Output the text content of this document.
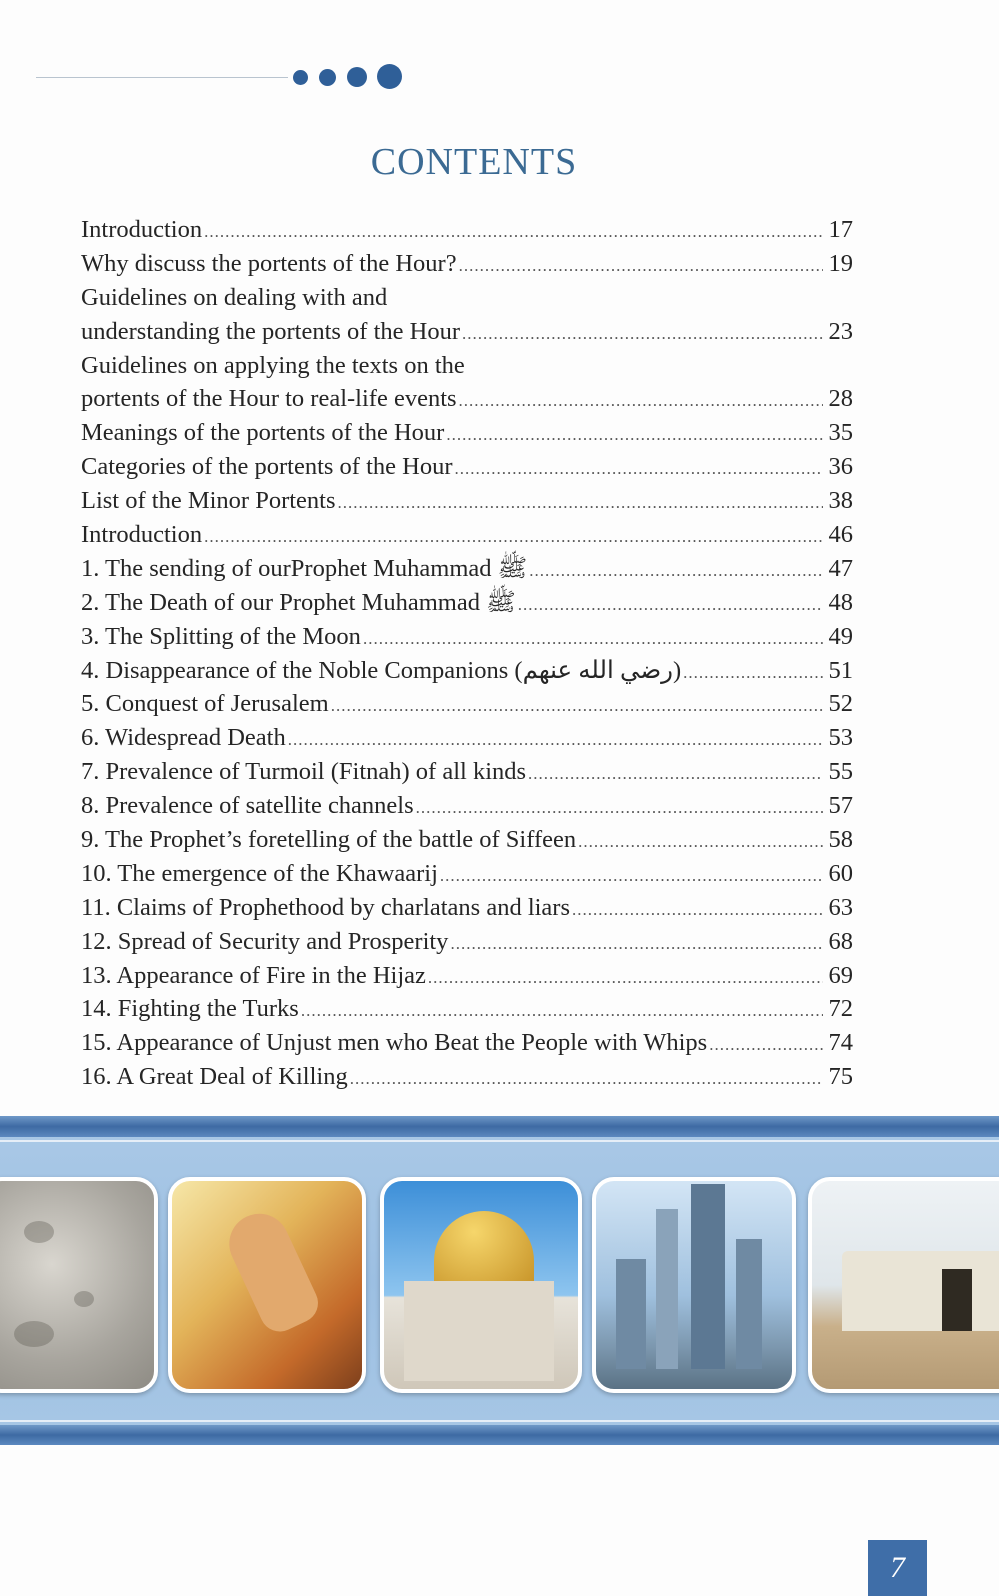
CONTENTS
Introduction .....	17
Why discuss the portents of the Hour? .....	19
Guidelines on dealing with and
understanding the portents of the Hour .....	23
Guidelines on applying the texts on the
portents of the Hour to real-life events .....	28
Meanings of the portents of the Hour .....	35
Categories of the portents of the Hour .....	36
List of the Minor Portents .....	38
Introduction .....	46
1. The sending of ourProphet Muhammad ﷺ .....	47
2. The Death of our Prophet Muhammad ﷺ .....	48
3. The Splitting of the Moon .....	49
4. Disappearance of the Noble Companions (رضي الله عنهم) .....	51
5. Conquest of Jerusalem .....	52
6. Widespread Death .....	53
7. Prevalence of Turmoil (Fitnah) of all kinds .....	55
8. Prevalence of satellite channels .....	57
9. The Prophet’s foretelling of the battle of Siffeen .....	58
10. The emergence of the Khawaarij .....	60
11. Claims of Prophethood by charlatans and liars .....	63
12. Spread of Security and Prosperity .....	68
13. Appearance of Fire in the Hijaz .....	69
14. Fighting the Turks .....	72
15. Appearance of Unjust men who Beat the People with Whips .....	74
16. A Great Deal of Killing .....	75
7
